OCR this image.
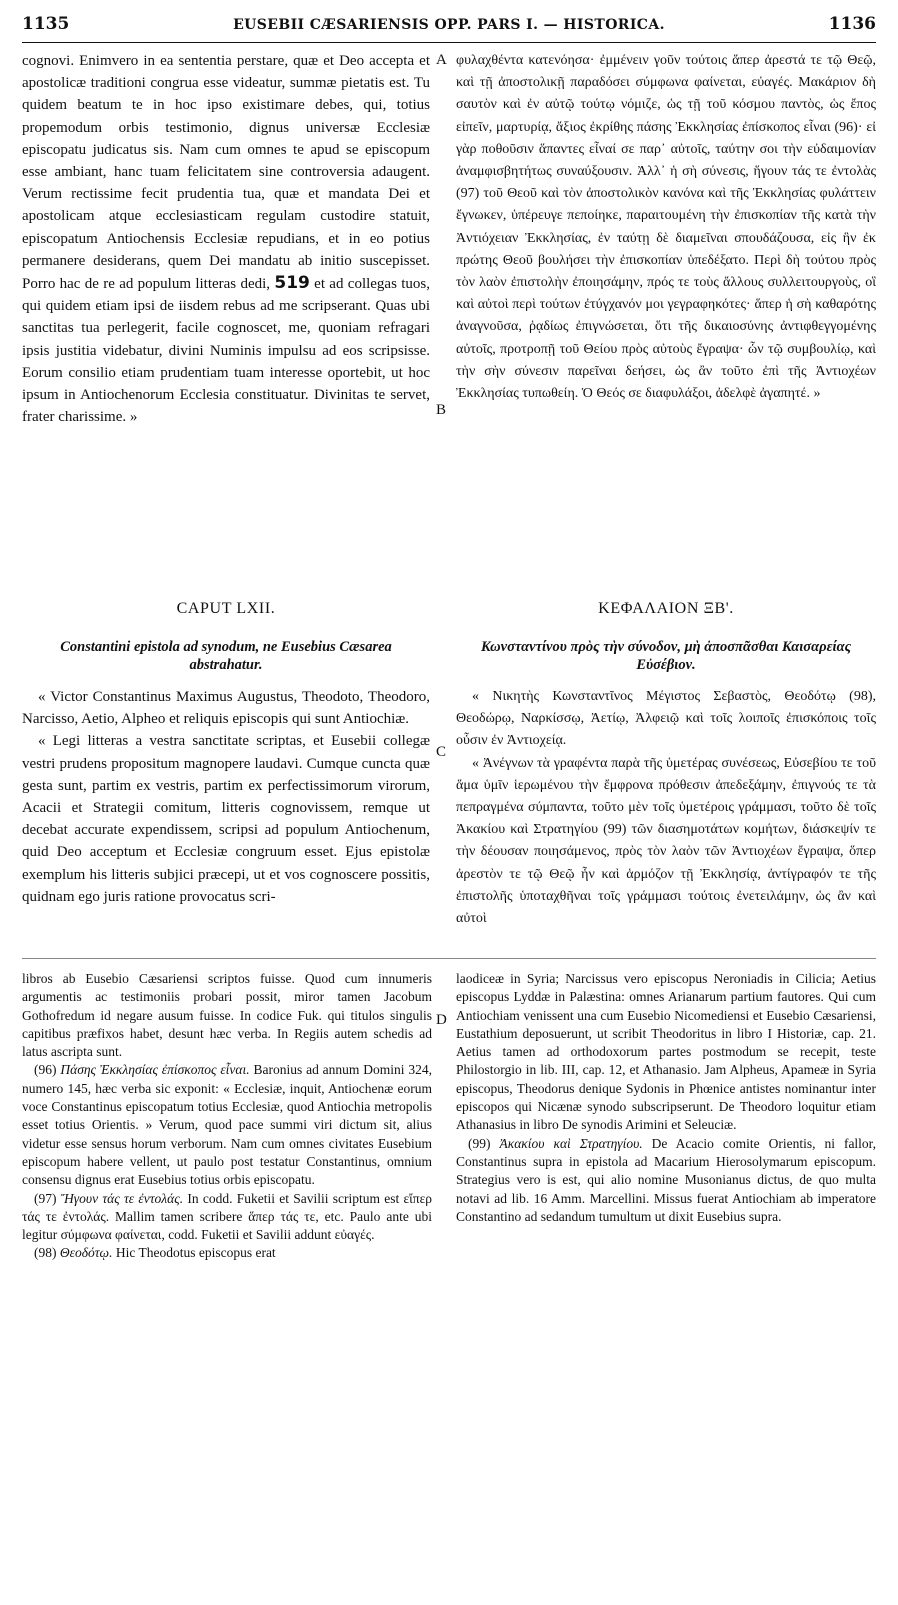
1135	EUSEBII CÆSARIENSIS OPP. PARS I. — HISTORICA.	1136

cognovi. Enimvero in ea sententia perstare, quæ et Deo accepta et apostolicæ traditioni congrua esse videatur, summæ pietatis est. Tu quidem beatum te in hoc ipso existimare debes, qui, totius propemodum orbis testimonio, dignus universæ Ecclesiæ episcopatu judicatus sis. Nam cum omnes te apud se episcopum esse ambiant, hanc tuam felicitatem sine controversia adaugent. Verum rectissime fecit prudentia tua, quæ et mandata Dei et apostolicam atque ecclesiasticam regulam custodire statuit, episcopatum Antiochensis Ecclesiæ repudians, et in eo potius permanere desiderans, quem Dei mandatu ab initio suscepisset. Porro hac de re ad populum litteras dedi, 519 et ad collegas tuos, qui quidem etiam ipsi de iisdem rebus ad me scripserant. Quas ubi sanctitas tua perlegerit, facile cognoscet, me, quoniam refragari ipsis justitia videbatur, divini Numinis impulsu ad eos scripsisse. Eorum consilio etiam prudentiam tuam interesse oportebit, ut hoc ipsum in Antiochenorum Ecclesia constituatur. Divinitas te servet, frater charissime. »

φυλαχθέντα κατενόησα· ἐμμένειν γοῦν τούτοις ἅπερ ἀρεστά τε τῷ Θεῷ, καὶ τῇ ἀποστολικῇ παραδόσει σύμφωνα φαίνεται, εὐαγές. Μακάριον δὴ σαυτὸν καὶ ἐν αὐτῷ τούτῳ νόμιζε, ὡς τῇ τοῦ κόσμου παντὸς, ὡς ἔπος εἰπεῖν, μαρτυρίᾳ, ἄξιος ἐκρίθης πάσης Ἐκκλησίας ἐπίσκοπος εἶναι (96)· εἰ γὰρ ποθοῦσιν ἅπαντες εἶναί σε παρ᾽ αὐτοῖς, ταύτην σοι τὴν εὐδαιμονίαν ἀναμφισβητήτως συναύξουσιν. Ἀλλ᾽ ἡ σὴ σύνεσις, ἥγουν τάς τε ἐντολὰς (97) τοῦ Θεοῦ καὶ τὸν ἀποστολικὸν κανόνα καὶ τῆς Ἐκκλησίας φυλάττειν ἔγνωκεν, ὑπέρευγε πεποίηκε, παραιτουμένη τὴν ἐπισκοπίαν τῆς κατὰ τὴν Ἀντιόχειαν Ἐκκλησίας, ἐν ταύτῃ δὲ διαμεῖναι σπουδάζουσα, εἰς ἣν ἐκ πρώτης Θεοῦ βουλήσει τὴν ἐπισκοπίαν ὑπεδέξατο. Περὶ δὴ τούτου πρὸς τὸν λαὸν ἐπιστολὴν ἐποιησάμην, πρός τε τοὺς ἄλλους συλλειτουργοὺς, οἳ καὶ αὐτοὶ περὶ τούτων ἐτύγχανόν μοι γεγραφηκότες· ἅπερ ἡ σὴ καθαρότης ἀναγνοῦσα, ῥᾳδίως ἐπιγνώσεται, ὅτι τῆς δικαιοσύνης ἀντιφθεγγομένης αὐτοῖς, προτροπῇ τοῦ Θείου πρὸς αὐτοὺς ἔγραψα· ὧν τῷ συμβουλίῳ, καὶ τὴν σὴν σύνεσιν παρεῖναι δεήσει, ὡς ἂν τοῦτο ἐπὶ τῆς Ἀντιοχέων Ἐκκλησίας τυπωθείη. Ὁ Θεός σε διαφυλάξοι, ἀδελφὲ ἀγαπητέ. »

A
B
C
D
CAPUT LXII.
Constantini epistola ad synodum, ne Eusebius Cæsarea abstrahatur.
ΚΕΦΑΛΑΙΟΝ ΞΒ'.
Κωνσταντίνου πρὸς τὴν σύνοδον, μὴ ἀποσπᾶσθαι Καισαρείας Εὐσέβιον.

« Victor Constantinus Maximus Augustus, Theodoto, Theodoro, Narcisso, Aetio, Alpheo et reliquis episcopis qui sunt Antiochiæ.

« Legi litteras a vestra sanctitate scriptas, et Eusebii collegæ vestri prudens propositum magnopere laudavi. Cumque cuncta quæ gesta sunt, partim ex vestris, partim ex perfectissimorum virorum, Acacii et Strategii comitum, litteris cognovissem, remque ut decebat accurate expendissem, scripsi ad populum Antiochenum, quid Deo acceptum et Ecclesiæ congruum esset. Ejus epistolæ exemplum his litteris subjici præcepi, ut et vos cognoscere possitis, quidnam ego juris ratione provocatus scri-

« Νικητὴς Κωνσταντῖνος Μέγιστος Σεβαστὸς, Θεοδότῳ (98), Θεοδώρῳ, Ναρκίσσῳ, Ἀετίῳ, Ἀλφειῷ καὶ τοῖς λοιποῖς ἐπισκόποις τοῖς οὖσιν ἐν Ἀντιοχείᾳ.

« Ἀνέγνων τὰ γραφέντα παρὰ τῆς ὑμετέρας συνέσεως, Εὐσεβίου τε τοῦ ἅμα ὑμῖν ἱερωμένου τὴν ἔμφρονα πρόθεσιν ἀπεδεξάμην, ἐπιγνούς τε τὰ πεπραγμένα σύμπαντα, τοῦτο μὲν τοῖς ὑμετέροις γράμμασι, τοῦτο δὲ τοῖς Ἀκακίου καὶ Στρατηγίου (99) τῶν διασημοτάτων κομήτων, διάσκεψίν τε τὴν δέουσαν ποιησάμενος, πρὸς τὸν λαὸν τῶν Ἀντιοχέων ἔγραψα, ὅπερ ἀρεστὸν τε τῷ Θεῷ ἦν καὶ ἁρμόζον τῇ Ἐκκλησίᾳ, ἀντίγραφόν τε τῆς ἐπιστολῆς ὑποταχθῆναι τοῖς γράμμασι τούτοις ἐνετειλάμην, ὡς ἂν καὶ αὐτοὶ

libros ab Eusebio Cæsariensi scriptos fuisse. Quod cum innumeris argumentis ac testimoniis probari possit, miror tamen Jacobum Gothofredum id negare ausum fuisse. In codice Fuk. qui titulos singulis capitibus præfixos habet, desunt hæc verba. In Regiis autem schedis ad latus ascripta sunt.

(96) Πάσης Ἐκκλησίας ἐπίσκοπος εἶναι. Baronius ad annum Domini 324, numero 145, hæc verba sic exponit: « Ecclesiæ, inquit, Antiochenæ eorum voce Constantinus episcopatum totius Ecclesiæ, quod Antiochia metropolis esset totius Orientis. » Verum, quod pace summi viri dictum sit, alius videtur esse sensus horum verborum. Nam cum omnes civitates Eusebium episcopum habere vellent, ut paulo post testatur Constantinus, omnium consensu dignus erat Eusebius totius orbis episcopatu.

(97) Ἤγουν τάς τε ἐντολάς. In codd. Fuketii et Savilii scriptum est εἴπερ τάς τε ἐντολάς. Mallim tamen scribere ἅπερ τάς τε, etc. Paulo ante ubi legitur σύμφωνα φαίνεται, codd. Fuketii et Savilii addunt εὐαγές.

(98) Θεοδότῳ. Hic Theodotus episcopus erat

laodiceæ in Syria; Narcissus vero episcopus Neroniadis in Cilicia; Aetius episcopus Lyddæ in Palæstina: omnes Arianarum partium fautores. Qui cum Antiochiam venissent una cum Eusebio Nicomediensi et Eusebio Cæsariensi, Eustathium deposuerunt, ut scribit Theodoritus in libro I Historiæ, cap. 21. Aetius tamen ad orthodoxorum partes postmodum se recepit, teste Philostorgio in lib. III, cap. 12, et Athanasio. Jam Alpheus, Apameæ in Syria episcopus, Theodorus denique Sydonis in Phœnice antistes nominantur inter episcopos qui Nicænæ synodo subscripserunt. De Theodoro loquitur etiam Athanasius in libro De synodis Arimini et Seleuciæ.

(99) Ἀκακίου καὶ Στρατηγίου. De Acacio comite Orientis, ni fallor, Constantinus supra in epistola ad Macarium Hierosolymarum episcopum. Strategius vero is est, qui alio nomine Musonianus dictus, de quo multa notavi ad lib. 16 Amm. Marcellini. Missus fuerat Antiochiam ab imperatore Constantino ad sedandum tumultum ut dixit Eusebius supra.
